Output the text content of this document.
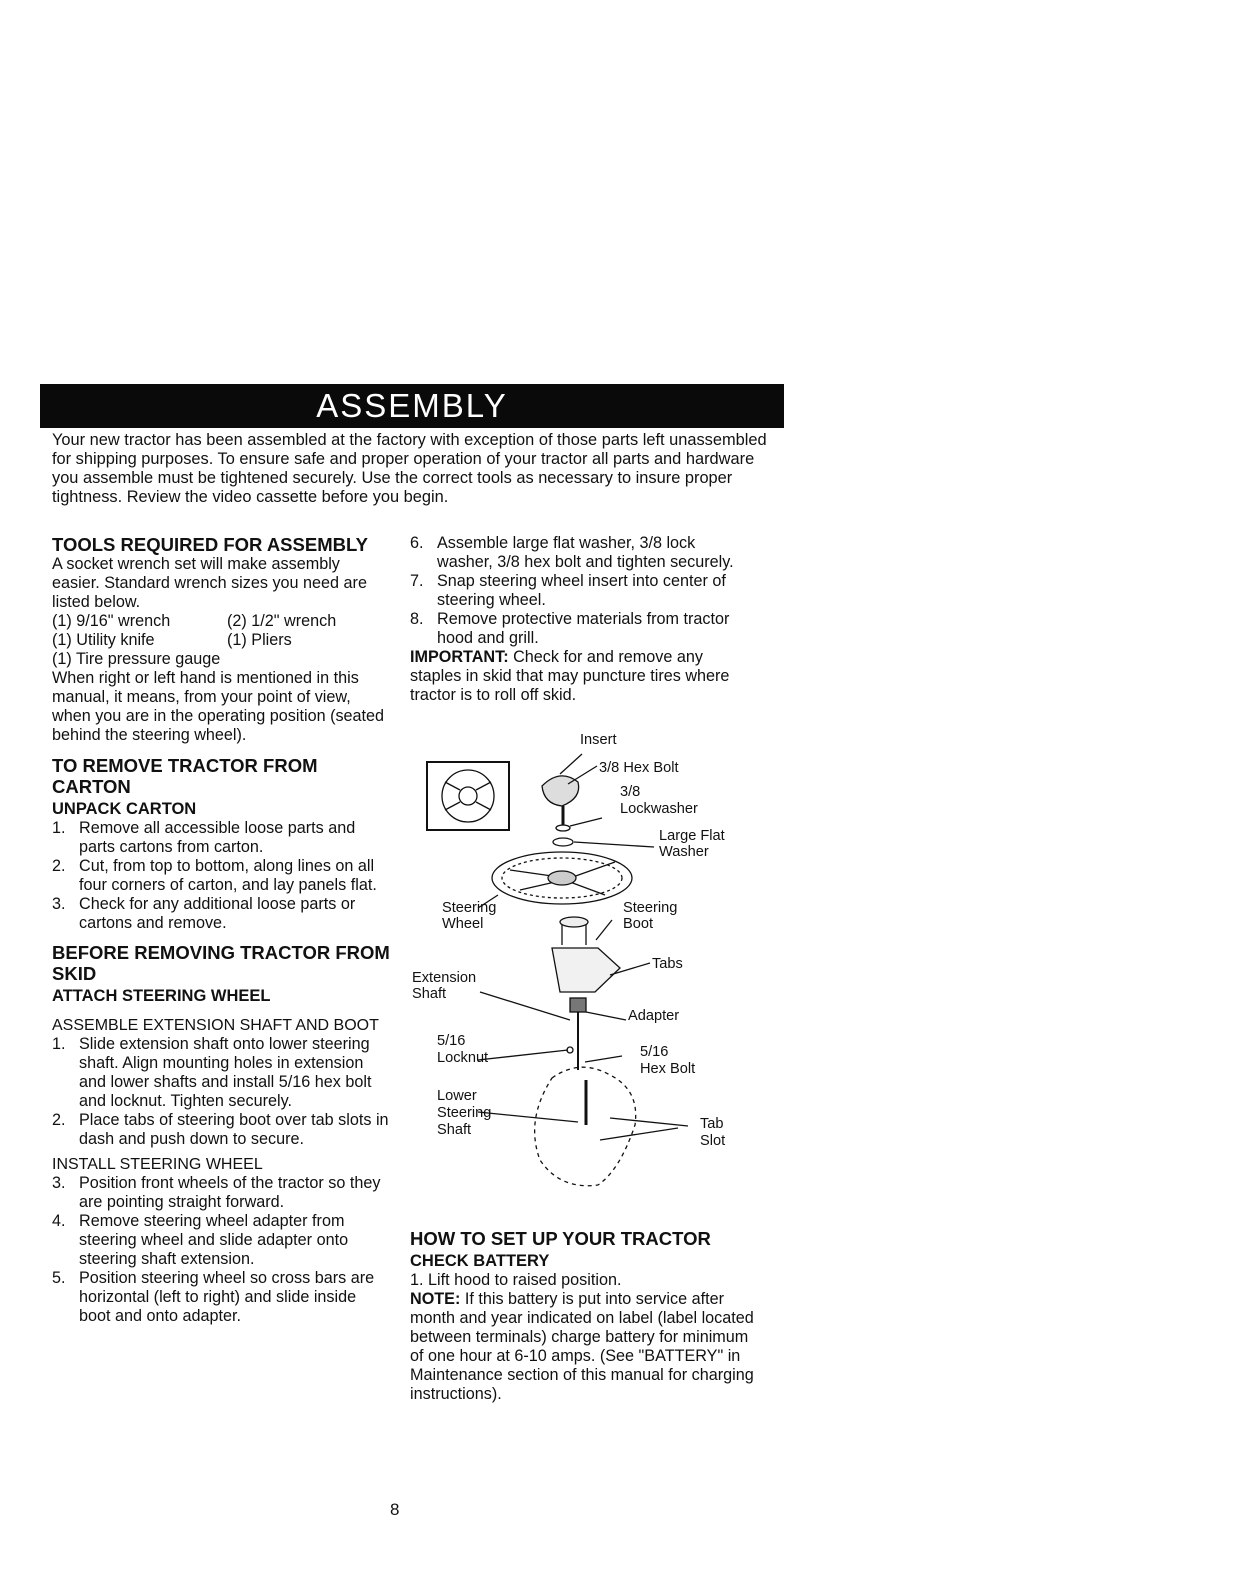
ASSEMBLY

Your new tractor has been assembled at the factory with exception of those parts left unassembled for shipping purposes. To ensure safe and proper operation of your tractor all parts and hardware you assemble must be tightened securely. Use the correct tools as necessary to insure proper tightness. Review the video cassette before you begin.

TOOLS REQUIRED FOR ASSEMBLY

A socket wrench set will make assembly easier. Standard wrench sizes you need are listed below.

(1) 9/16" wrench	(2) 1/2" wrench
(1) Utility knife	(1) Pliers

(1) Tire pressure gauge

When right or left hand is mentioned in this manual, it means, from your point of view, when you are in the operating position (seated behind the steering wheel).

TO REMOVE TRACTOR FROM CARTON

UNPACK CARTON

1. Remove all accessible loose parts and parts cartons from carton.
2. Cut, from top to bottom, along lines on all four corners of carton, and lay panels flat.
3. Check for any additional loose parts or cartons and remove.

BEFORE REMOVING TRACTOR FROM SKID

ATTACH STEERING WHEEL

ASSEMBLE EXTENSION SHAFT AND BOOT

1. Slide extension shaft onto lower steering shaft. Align mounting holes in extension and lower shafts and install 5/16 hex bolt and locknut. Tighten securely.
2. Place tabs of steering boot over tab slots in dash and push down to secure.

INSTALL STEERING WHEEL

3. Position front wheels of the tractor so they are pointing straight forward.
4. Remove steering wheel adapter from steering wheel and slide adapter onto steering shaft extension.
5. Position steering wheel so cross bars are horizontal (left to right) and slide inside boot and onto adapter.
6. Assemble large flat washer, 3/8 lock washer, 3/8 hex bolt and tighten securely.
7. Snap steering wheel insert into center of steering wheel.
8. Remove protective materials from tractor hood and grill.

IMPORTANT: Check for and remove any staples in skid that may puncture tires where tractor is to roll off skid.

Insert
3/8 Hex Bolt
3/8
Lockwasher
Large Flat
Washer
Steering
Wheel
Steering
Boot
Tabs
Extension
Shaft
Adapter
5/16
Locknut	5/16
Hex Bolt
Lower
Steering
Shaft	Tab
Slot

HOW TO SET UP YOUR TRACTOR

CHECK BATTERY

1. Lift hood to raised position.

NOTE: If this battery is put into service after month and year indicated on label (label located between terminals) charge battery for minimum of one hour at 6-10 amps. (See "BATTERY" in Maintenance section of this manual for charging instructions).

8
